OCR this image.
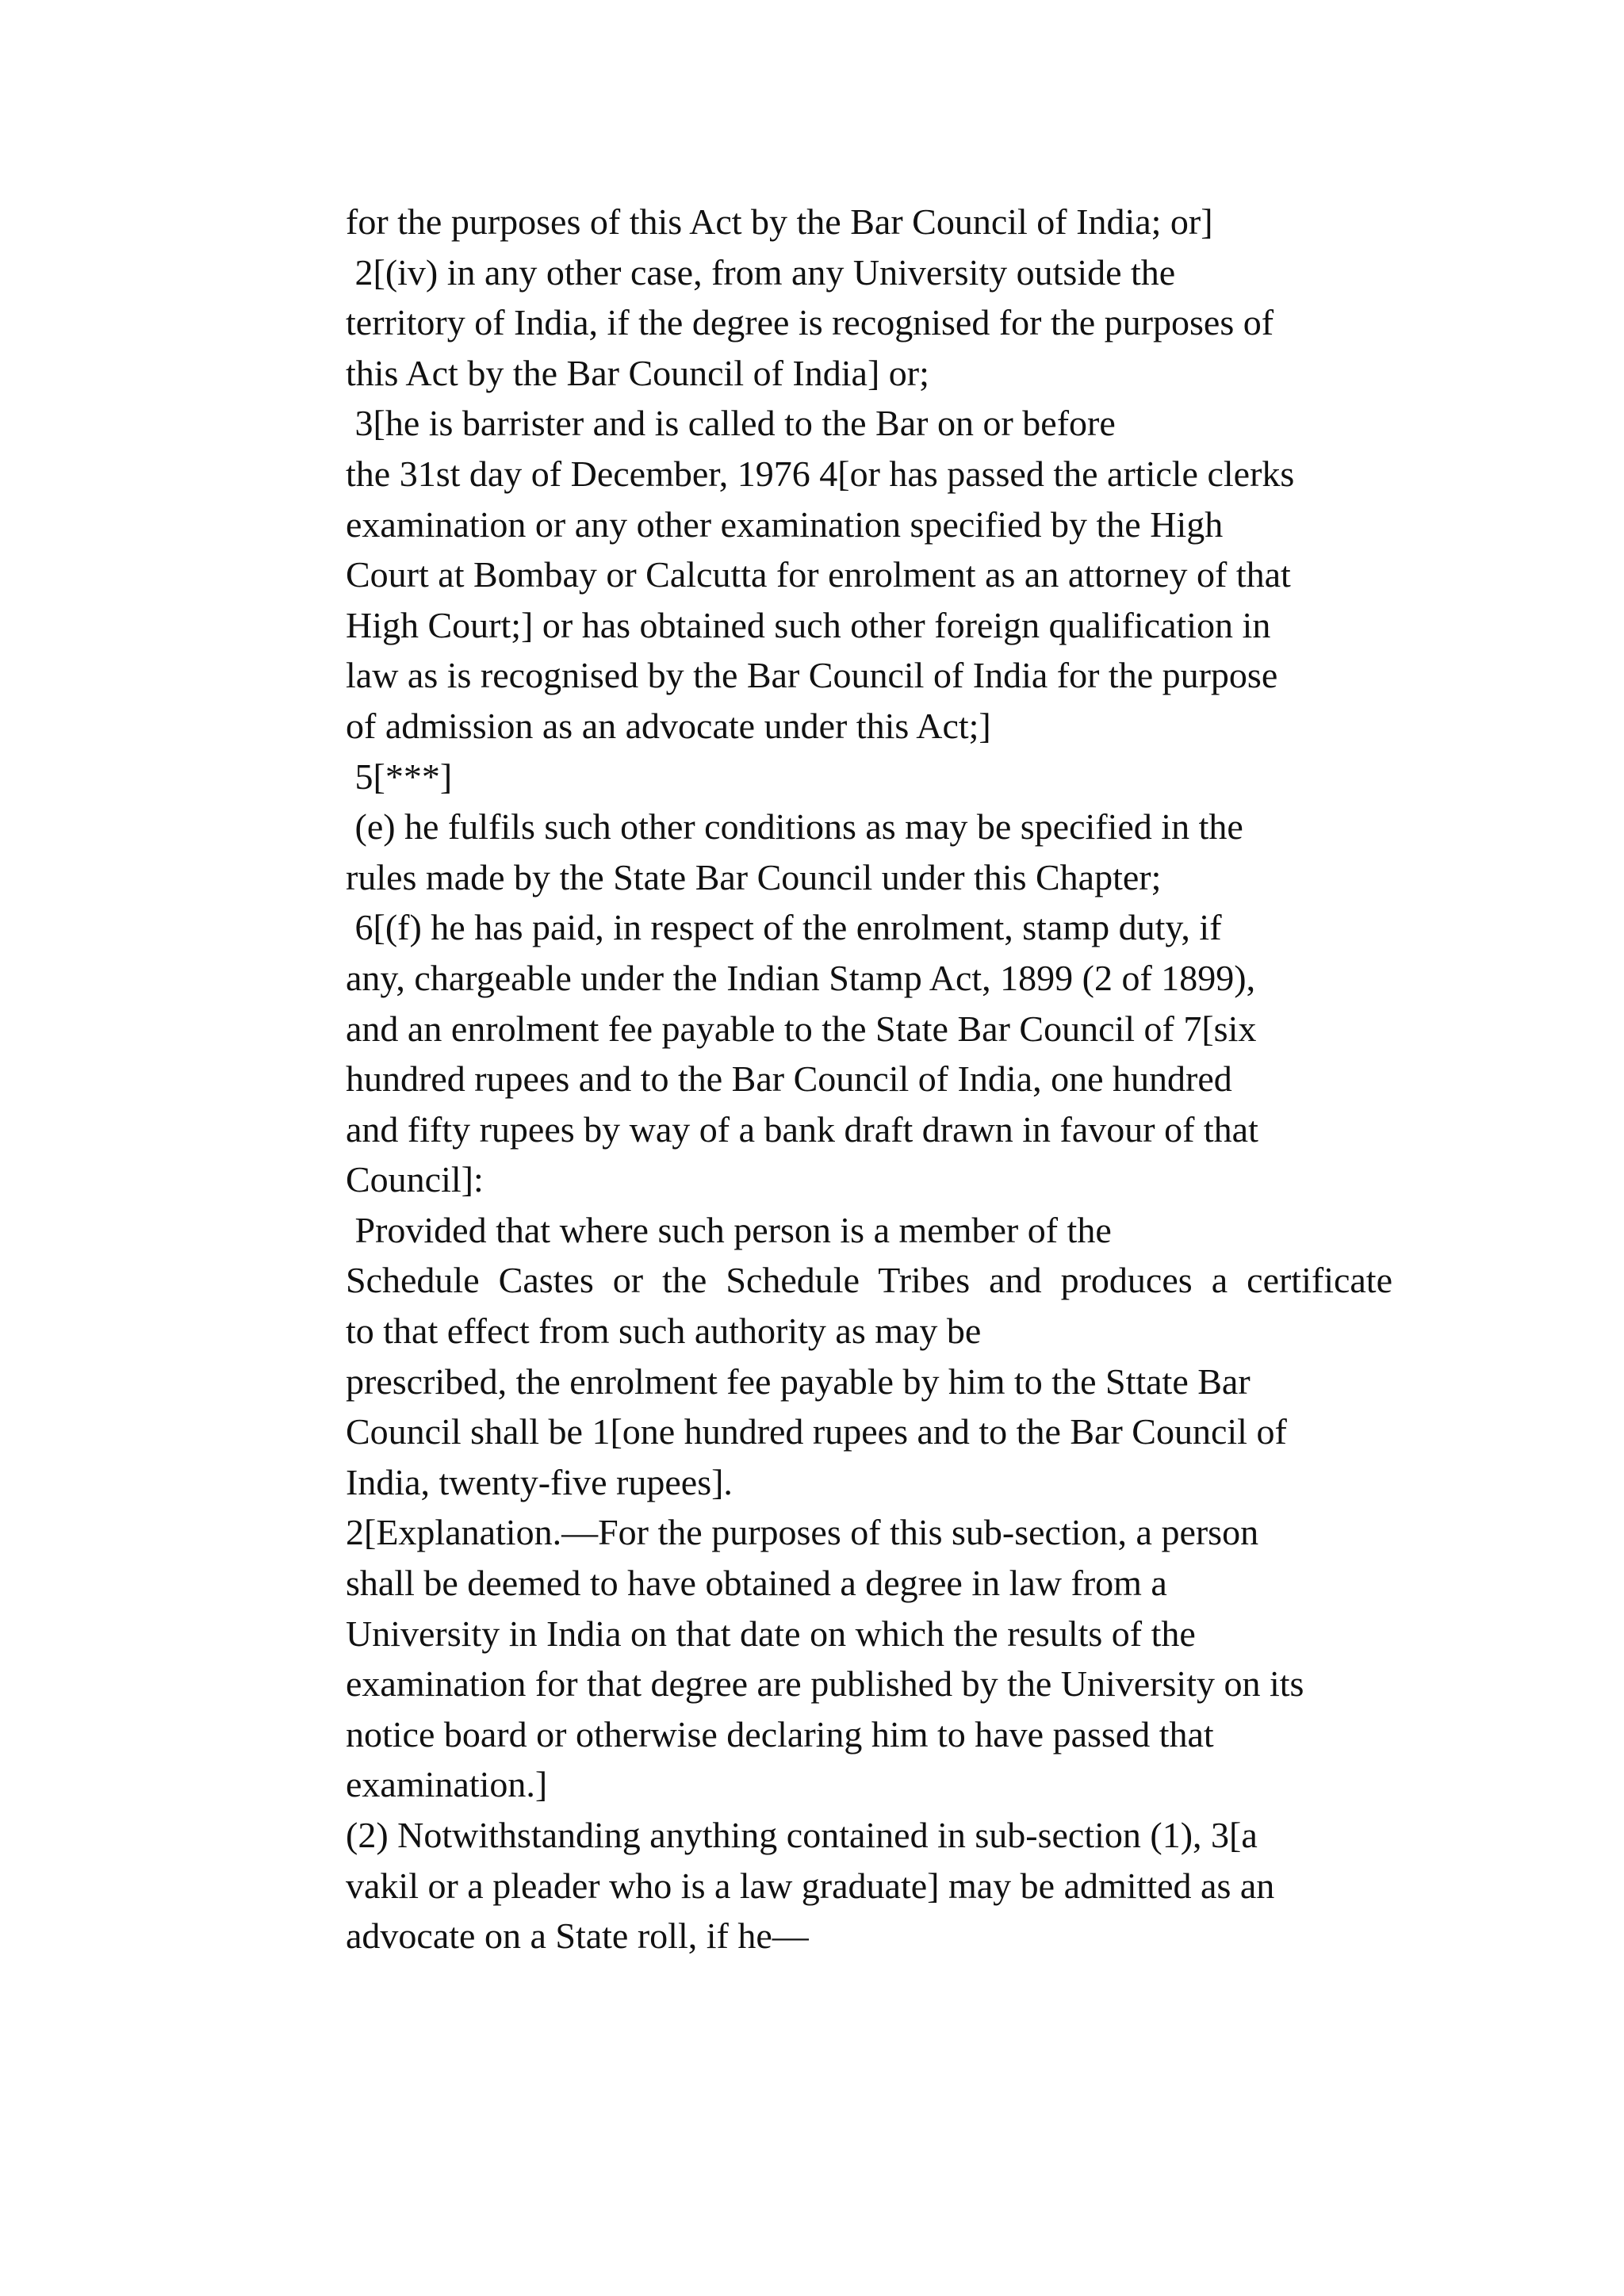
for the purposes of this Act by the Bar Council of India; or]
2[(iv) in any other case, from any University outside the
territory of India, if the degree is recognised for the purposes of
this Act by the Bar Council of India] or;
3[he is barrister and is called to the Bar on or before
the 31st day of December, 1976 4[or has passed the article clerks
examination or any other examination specified by the High
Court at Bombay or Calcutta for enrolment as an attorney of that
High Court;] or has obtained such other foreign qualification in
law as is recognised by the Bar Council of India for the purpose
of admission as an advocate under this Act;]
5[***]
(e) he fulfils such other conditions as may be specified in the
rules made by the State Bar Council under this Chapter;
6[(f) he has paid, in respect of the enrolment, stamp duty, if
any, chargeable under the Indian Stamp Act, 1899 (2 of 1899),
and an enrolment fee payable to the State Bar Council of 7[six
hundred rupees and to the Bar Council of India, one hundred
and fifty rupees by way of a bank draft drawn in favour of that
Council]:
Provided that where such person is a member of the
Schedule Castes or the Schedule Tribes and produces a certificate
to that effect from such authority as may be
prescribed, the enrolment fee payable by him to the Sttate Bar
Council shall be 1[one hundred rupees and to the Bar Council of
India, twenty-five rupees].
2[Explanation.—For the purposes of this sub-section, a person
shall be deemed to have obtained a degree in law from a
University in India on that date on which the results of the
examination for that degree are published by the University on its
notice board or otherwise declaring him to have passed that
examination.]
(2) Notwithstanding anything contained in sub-section (1), 3[a
vakil or a pleader who is a law graduate] may be admitted as an
advocate on a State roll, if he—
